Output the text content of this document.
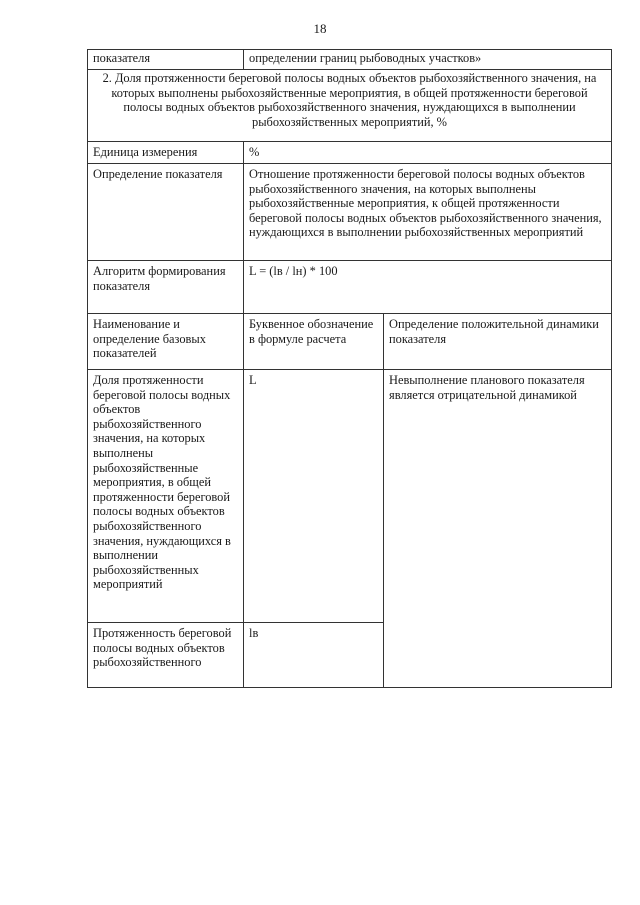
18
показателя	определении границ рыбоводных участков»	
2. Доля протяженности береговой полосы водных объектов рыбохозяйственного значения, на которых выполнены рыбохозяйственные мероприятия, в общей протяженности береговой полосы водных объектов рыбохозяйственного значения, нуждающихся в выполнении рыбохозяйственных мероприятий, %		
Единица измерения	%	
Определение показателя	Отношение протяженности береговой полосы водных объектов рыбохозяйственного значения, на которых выполнены рыбохозяйственные мероприятия, к общей протяженности береговой полосы водных объектов рыбохозяйственного значения, нуждающихся в выполнении рыбохозяйственных мероприятий	
Алгоритм формирования показателя	L = (lв / lн) * 100	
Наименование и определение базовых показателей	Буквенное обозначение в формуле расчета	Определение положительной динамики показателя
Доля протяженности береговой полосы водных объектов рыбохозяйственного значения, на которых выполнены рыбохозяйственные мероприятия, в общей протяженности береговой полосы водных объектов рыбохозяйственного значения, нуждающихся в выполнении рыбохозяйственных мероприятий	L	Невыполнение планового показателя является отрицательной динамикой
Протяженность береговой полосы водных объектов рыбохозяйственного	lв	
